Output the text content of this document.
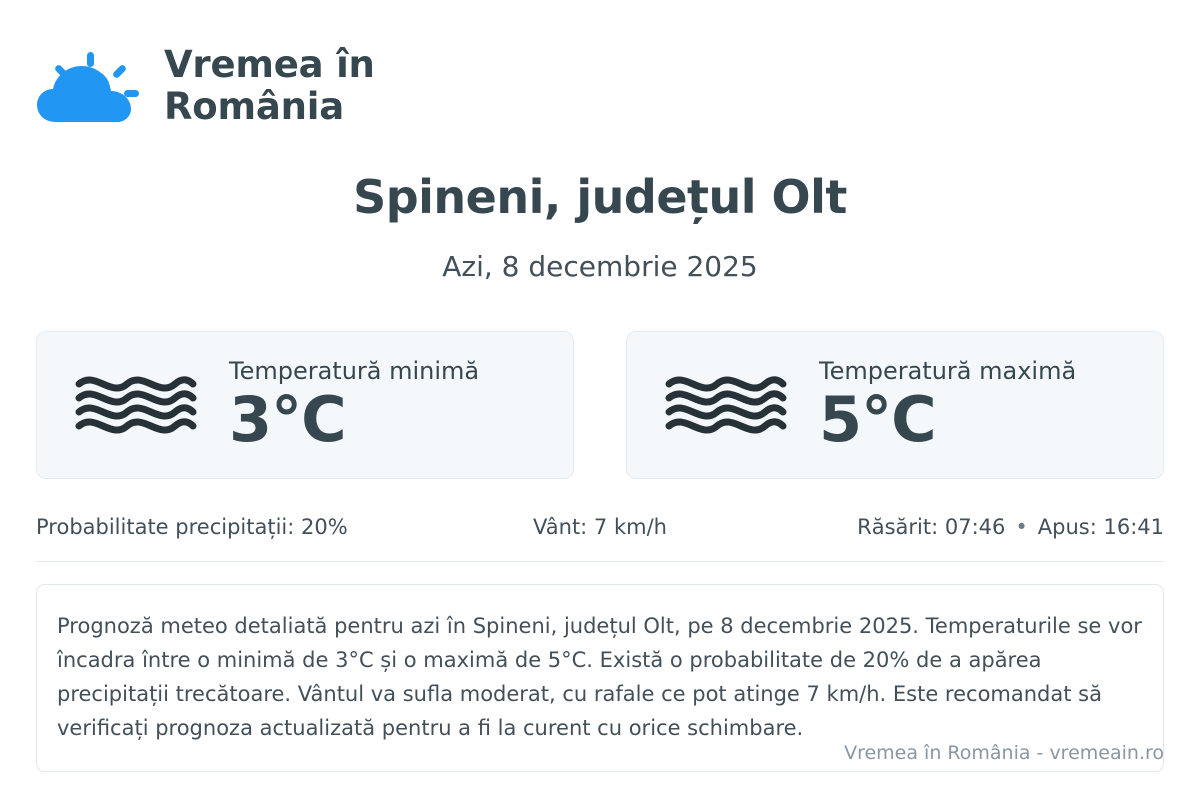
Vremea în
România
Spineni, județul Olt
Azi, 8 decembrie 2025
Temperatură minimă
3°C
Temperatură maximă
5°C
Probabilitate precipitații: 20%	Vânt: 7 km/h	Răsărit: 07:46 • Apus: 16:41
Prognoză meteo detaliată pentru azi în Spineni, județul Olt, pe 8 decembrie 2025. Temperaturile se vor încadra între o minimă de 3°C și o maximă de 5°C. Există o probabilitate de 20% de a apărea precipitații trecătoare. Vântul va sufla moderat, cu rafale ce pot atinge 7 km/h. Este recomandat să verificați prognoza actualizată pentru a fi la curent cu orice schimbare.
Vremea în România - vremeain.ro
